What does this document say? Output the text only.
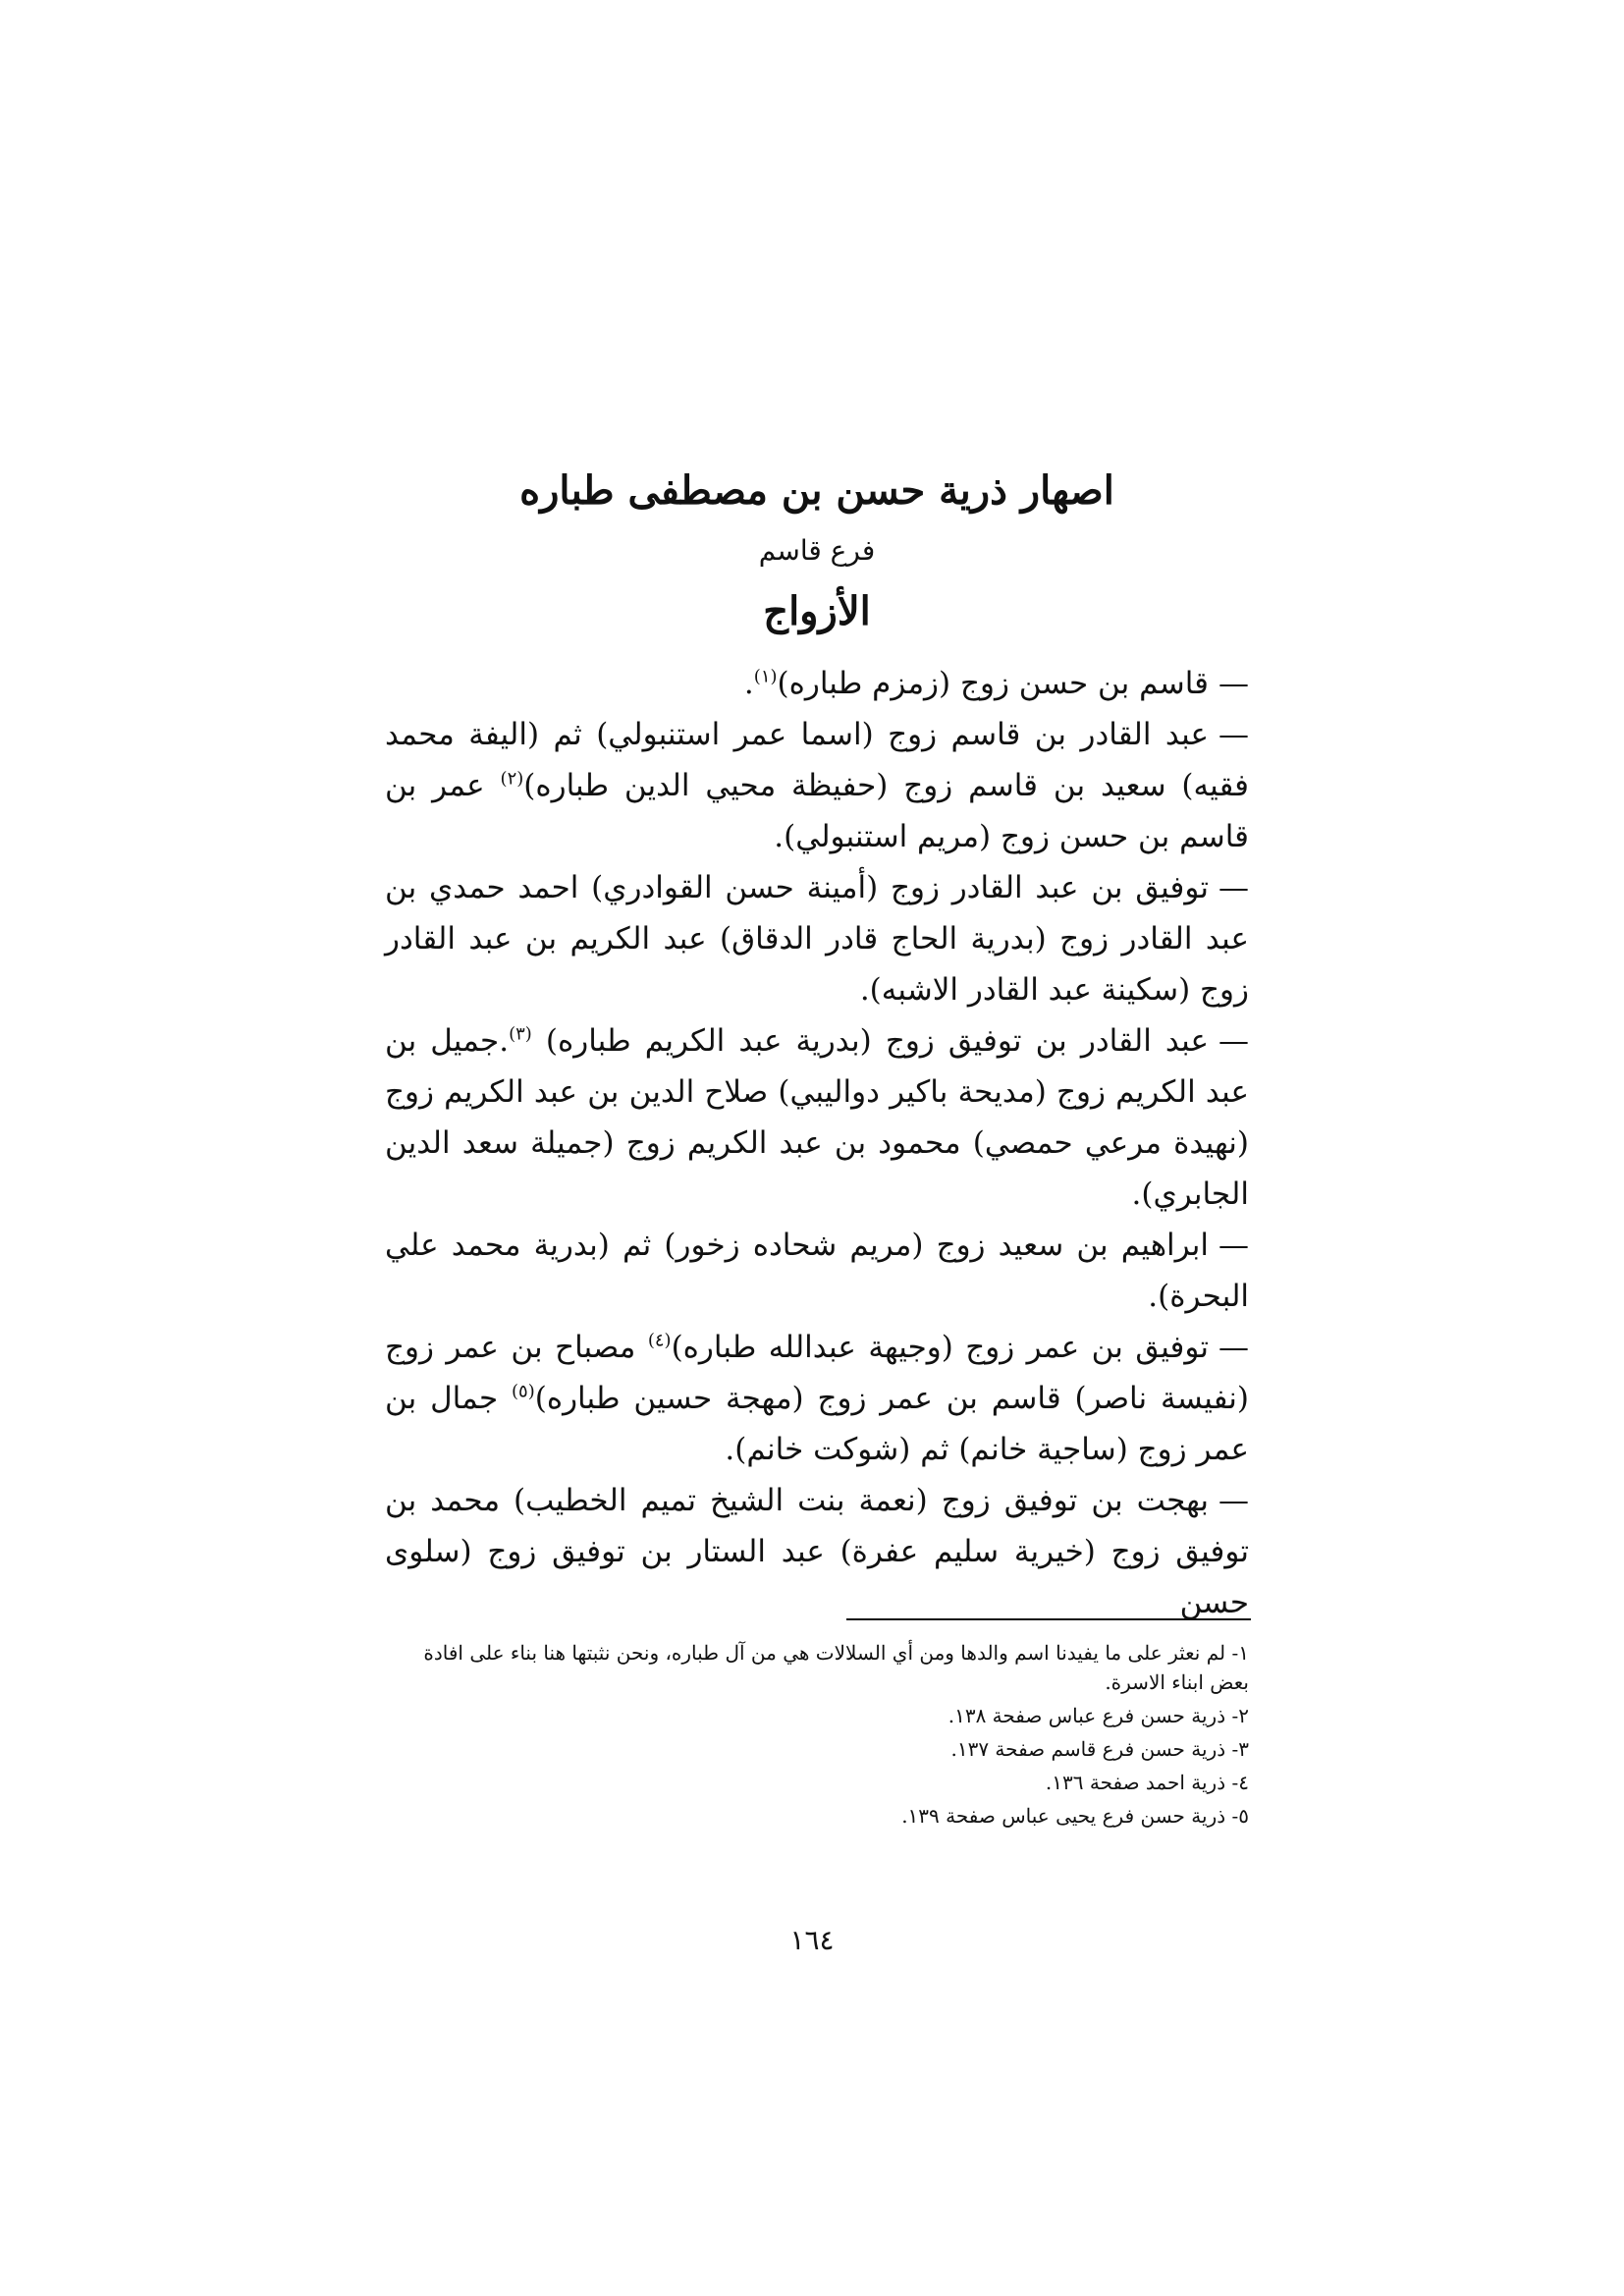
اصهار ذرية حسن بن مصطفى طباره
فرع قاسم
الأزواج

—قاسم بن حسن زوج (زمزم طباره)$^{(١)}$.

—عبد القادر بن قاسم زوج (اسما عمر استنبولي) ثم (اليفة محمد فقيه) سعيد بن قاسم زوج (حفيظة محيي الدين طباره)$^{(٢)}$ عمر بن قاسم بن حسن زوج (مريم استنبولي).

—توفيق بن عبد القادر زوج (أمينة حسن القوادري) احمد حمدي بن عبد القادر زوج (بدرية الحاج قادر الدقاق) عبد الكريم بن عبد القادر زوج (سكينة عبد القادر الاشبه).

—عبد القادر بن توفيق زوج (بدرية عبد الكريم طباره) $^{(٣)}$.جميل بن عبد الكريم زوج (مديحة باكير دواليبي) صلاح الدين بن عبد الكريم زوج (نهيدة مرعي حمصي) محمود بن عبد الكريم زوج (جميلة سعد الدين الجابري).

—ابراهيم بن سعيد زوج (مريم شحاده زخور) ثم (بدرية محمد علي البحرة).

—توفيق بن عمر زوج (وجيهة عبدالله طباره)$^{(٤)}$ مصباح بن عمر زوج (نفيسة ناصر) قاسم بن عمر زوج (مهجة حسين طباره)$^{(٥)}$ جمال بن عمر زوج (ساجية خانم) ثم (شوكت خانم).

—بهجت بن توفيق زوج (نعمة بنت الشيخ تميم الخطيب) محمد بن توفيق زوج (خيرية سليم عفرة) عبد الستار بن توفيق زوج (سلوى حسن

١- لم نعثر على ما يفيدنا اسم والدها ومن أي السلالات هي من آل طباره، ونحن نثبتها هنا بناء على افادة بعض ابناء الاسرة.

٢- ذرية حسن فرع عباس صفحة ١٣٨.

٣- ذرية حسن فرع قاسم صفحة ١٣٧.

٤- ذرية احمد صفحة ١٣٦.

٥- ذرية حسن فرع يحيى عباس صفحة ١٣٩.

١٦٤
